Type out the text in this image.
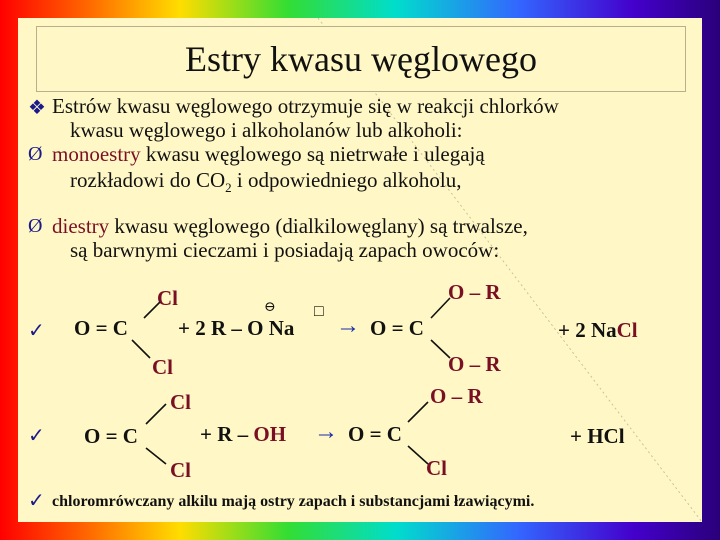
Estry kwasu węglowego
❖ Estrów kwasu węglowego otrzymuje się w reakcji chlorków
kwasu węglowego i alkoholanów lub alkoholi:
Ø monoestry kwasu węglowego są nietrwałe i ulegają
rozkładowi do $CO_2$ i odpowiedniego alkoholu,
Ø diestry kwasu węglowego (dialkilowęglany) są trwalsze,
są barwnymi cieczami i posiadają zapach owoców:
✓
Cl
O = C + 2 R – O Na
⊖ □
→ O = C
O – R
+ 2 NaCl
Cl	O – R
✓
Cl
O = C	+ R – OH → O = C
O – R
+ HCl
Cl	Cl
✓ chloromrówczany alkilu mają ostry zapach i substancjami łzawiącymi.
